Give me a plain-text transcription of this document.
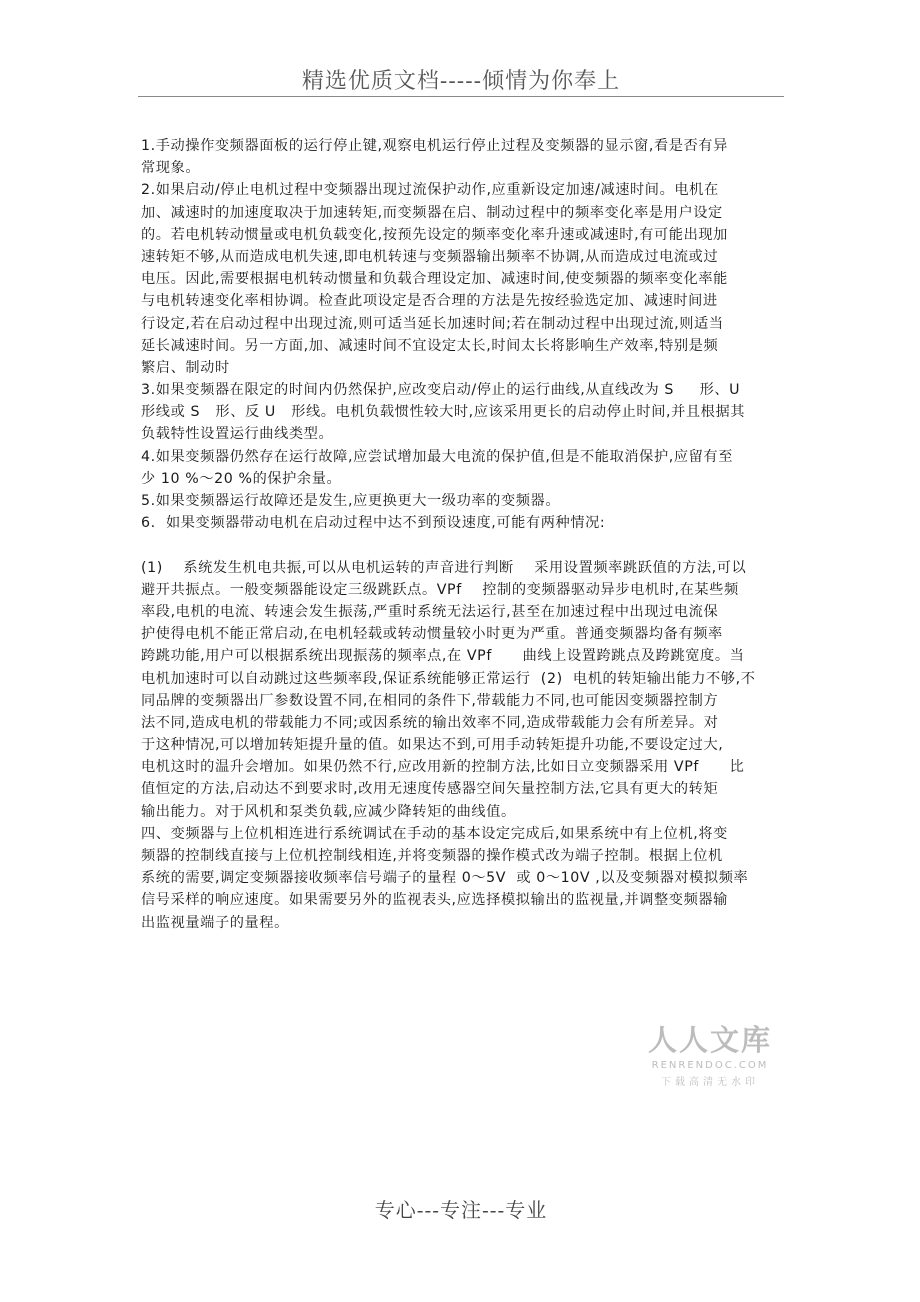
精选优质文档-----倾情为你奉上
1.手动操作变频器面板的运行停止键,观察电机运行停止过程及变频器的显示窗,看是否有异
常现象。
2.如果启动/停止电机过程中变频器出现过流保护动作,应重新设定加速/减速时间。电机在
加、减速时的加速度取决于加速转矩,而变频器在启、制动过程中的频率变化率是用户设定
的。若电机转动惯量或电机负载变化,按预先设定的频率变化率升速或减速时,有可能出现加
速转矩不够,从而造成电机失速,即电机转速与变频器输出频率不协调,从而造成过电流或过
电压。因此,需要根据电机转动惯量和负载合理设定加、减速时间,使变频器的频率变化率能
与电机转速变化率相协调。检查此项设定是否合理的方法是先按经验选定加、减速时间进
行设定,若在启动过程中出现过流,则可适当延长加速时间;若在制动过程中出现过流,则适当
延长减速时间。另一方面,加、减速时间不宜设定太长,时间太长将影响生产效率,特别是频
繁启、制动时
3.如果变频器在限定的时间内仍然保护,应改变启动/停止的运行曲线,从直线改为 S     形、U
形线或 S   形、反 U   形线。电机负载惯性较大时,应该采用更长的启动停止时间,并且根据其
负载特性设置运行曲线类型。
4.如果变频器仍然存在运行故障,应尝试增加最大电流的保护值,但是不能取消保护,应留有至
少 10 %～20 %的保护余量。
5.如果变频器运行故障还是发生,应更换更大一级功率的变频器。
6.  如果变频器带动电机在启动过程中达不到预设速度,可能有两种情况:
(1)    系统发生机电共振,可以从电机运转的声音进行判断    采用设置频率跳跃值的方法,可以
避开共振点。一般变频器能设定三级跳跃点。VPf    控制的变频器驱动异步电机时,在某些频
率段,电机的电流、转速会发生振荡,严重时系统无法运行,甚至在加速过程中出现过电流保
护使得电机不能正常启动,在电机轻载或转动惯量较小时更为严重。普通变频器均备有频率
跨跳功能,用户可以根据系统出现振荡的频率点,在 VPf      曲线上设置跨跳点及跨跳宽度。当
电机加速时可以自动跳过这些频率段,保证系统能够正常运行  (2)  电机的转矩输出能力不够,不
同品牌的变频器出厂参数设置不同,在相同的条件下,带载能力不同,也可能因变频器控制方
法不同,造成电机的带载能力不同;或因系统的输出效率不同,造成带载能力会有所差异。对
于这种情况,可以增加转矩提升量的值。如果达不到,可用手动转矩提升功能,不要设定过大,
电机这时的温升会增加。如果仍然不行,应改用新的控制方法,比如日立变频器采用 VPf      比
值恒定的方法,启动达不到要求时,改用无速度传感器空间矢量控制方法,它具有更大的转矩
输出能力。对于风机和泵类负载,应减少降转矩的曲线值。
四、变频器与上位机相连进行系统调试在手动的基本设定完成后,如果系统中有上位机,将变
频器的控制线直接与上位机控制线相连,并将变频器的操作模式改为端子控制。根据上位机
系统的需要,调定变频器接收频率信号端子的量程 0～5V  或 0～10V ,以及变频器对模拟频率
信号采样的响应速度。如果需要另外的监视表头,应选择模拟输出的监视量,并调整变频器输
出监视量端子的量程。
人人文库
RENRENDOC.COM
下载高清无水印
专心---专注---专业
